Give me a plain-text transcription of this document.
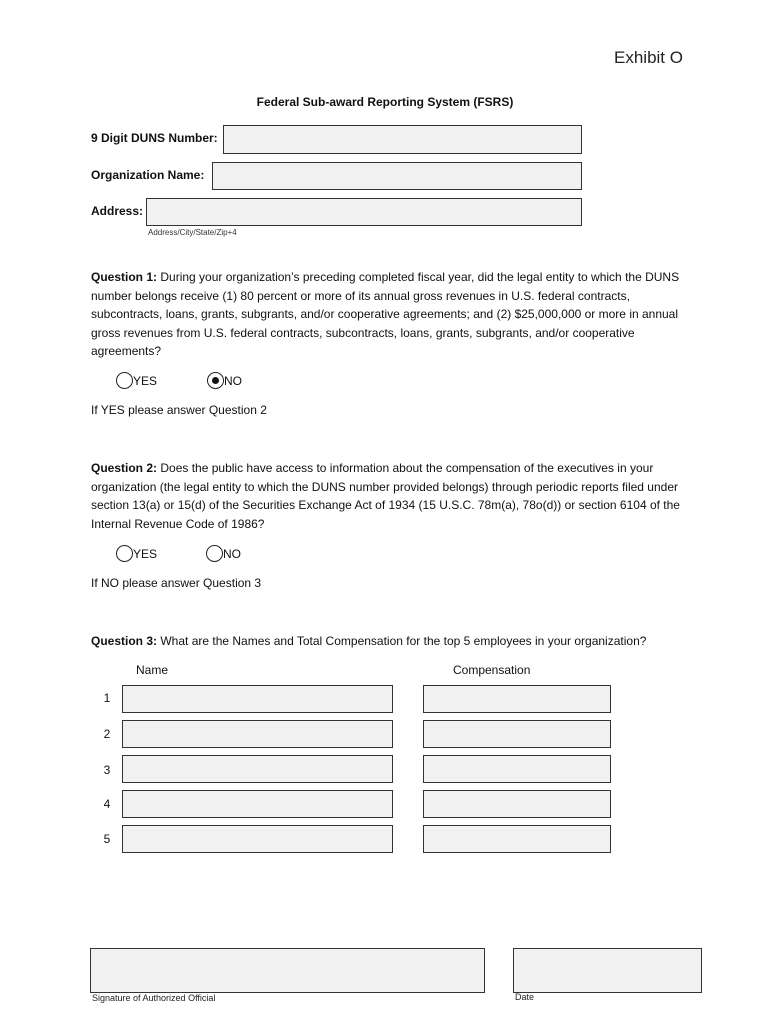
Exhibit O
Federal Sub-award Reporting System (FSRS)
9 Digit DUNS Number:
Organization Name:
Address:
Address/City/State/Zip+4
Question 1: During your organization’s preceding completed fiscal year, did the legal entity to which the DUNS number belongs receive (1) 80 percent or more of its annual gross revenues in U.S. federal contracts, subcontracts, loans, grants, subgrants, and/or cooperative agreements; and (2) $25,000,000 or more in annual gross revenues from U.S. federal contracts, subcontracts, loans, grants, subgrants, and/or cooperative agreements?
YES	NO
If YES please answer Question 2
Question 2: Does the public have access to information about the compensation of the executives in your organization (the legal entity to which the DUNS number provided belongs) through periodic reports filed under section 13(a) or 15(d) of the Securities Exchange Act of 1934 (15 U.S.C. 78m(a), 78o(d)) or section 6104 of the Internal Revenue Code of 1986?
YES	NO
If NO please answer Question 3
Question 3: What are the Names and Total Compensation for the top 5 employees in your organization?
Name	Compensation
1
2
3
4
5
Signature of Authorized Official	Date
